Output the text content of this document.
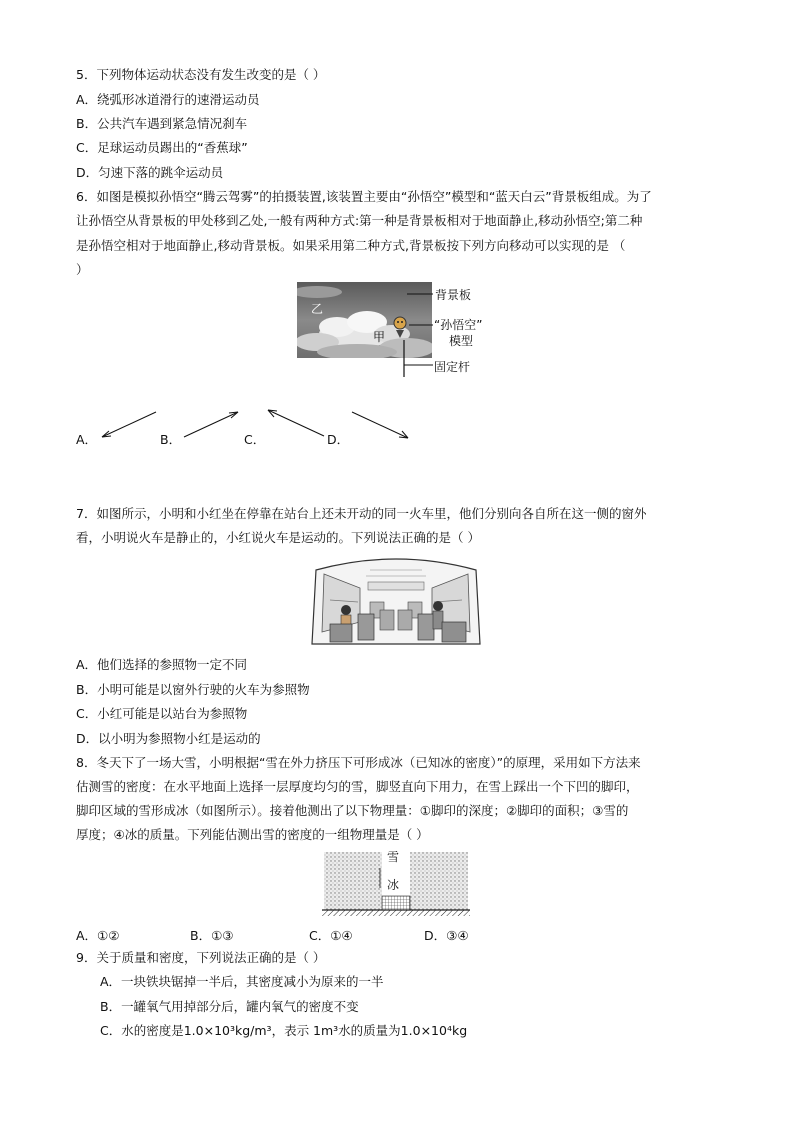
5．下列物体运动状态没有发生改变的是（ ）
A．绕弧形冰道滑行的速滑运动员
B．公共汽车遇到紧急情况刹车
C．足球运动员踢出的“香蕉球”
D．匀速下落的跳伞运动员
6．如图是模拟孙悟空“腾云驾雾”的拍摄装置,该装置主要由“孙悟空”模型和“蓝天白云”背景板组成。为了
让孙悟空从背景板的甲处移到乙处,一般有两种方式:第一种是背景板相对于地面静止,移动孙悟空;第二种
是孙悟空相对于地面静止,移动背景板。如果采用第二种方式,背景板按下列方向移动可以实现的是 （
）
乙
甲
背景板
“孙悟空”
模型
固定杆
A．	B．	C．	D．
7．如图所示，小明和小红坐在停靠在站台上还未开动的同一火车里，他们分别向各自所在这一侧的窗外
看，小明说火车是静止的，小红说火车是运动的。下列说法正确的是（ ）
A．他们选择的参照物一定不同
B．小明可能是以窗外行驶的火车为参照物
C．小红可能是以站台为参照物
D．以小明为参照物小红是运动的
8．冬天下了一场大雪，小明根据“雪在外力挤压下可形成冰（已知冰的密度）”的原理，采用如下方法来
估测雪的密度：在水平地面上选择一层厚度均匀的雪，脚竖直向下用力，在雪上踩出一个下凹的脚印，
脚印区域的雪形成冰（如图所示）。接着他测出了以下物理量：①脚印的深度；②脚印的面积；③雪的
厚度；④冰的质量。下列能估测出雪的密度的一组物理量是（ ）
雪
冰
A．①②	B．①③	C．①④	D．③④
9．关于质量和密度，下列说法正确的是（ ）
A．一块铁块锯掉一半后，其密度减小为原来的一半
B．一罐氧气用掉部分后，罐内氧气的密度不变
C．水的密度是1.0×10³kg/m³，表示 1m³水的质量为1.0×10⁴kg
